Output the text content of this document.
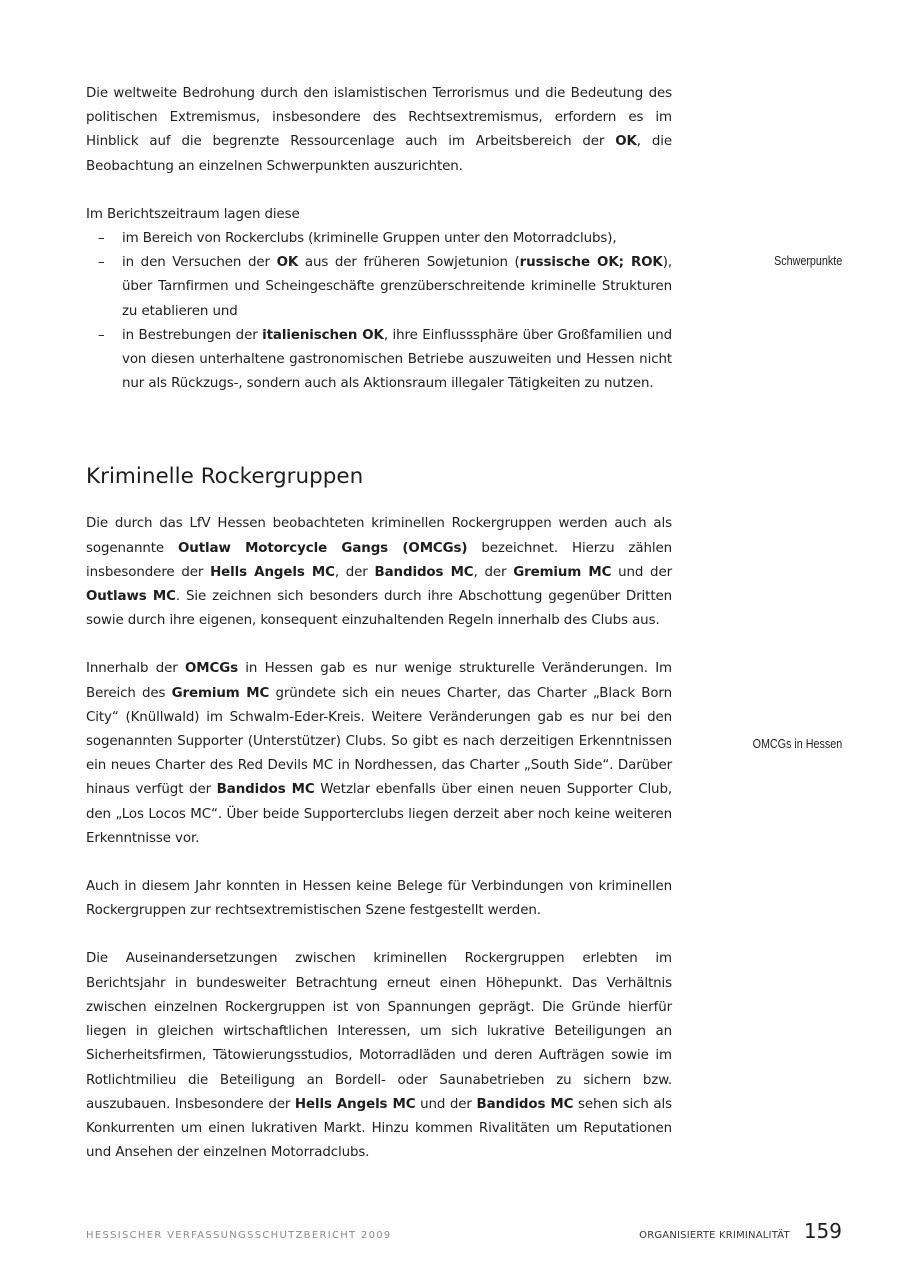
Die weltweite Bedrohung durch den islamistischen Terrorismus und die Bedeutung des politischen Extremismus, insbesondere des Rechtsextremismus, erfordern es im Hinblick auf die begrenzte Ressourcenlage auch im Arbeitsbereich der OK, die Beobachtung an einzelnen Schwerpunkten auszurichten.

Im Berichtszeitraum lagen diese

– im Bereich von Rockerclubs (kriminelle Gruppen unter den Motorradclubs),
– in den Versuchen der OK aus der früheren Sowjetunion (russische OK; ROK), über Tarnfirmen und Scheingeschäfte grenzüberschreitende kriminelle Strukturen zu etablieren und
– in Bestrebungen der italienischen OK, ihre Einflusssphäre über Großfamilien und von diesen unterhaltene gastronomischen Betriebe auszuweiten und Hessen nicht nur als Rückzugs-, sondern auch als Aktionsraum illegaler Tätigkeiten zu nutzen.
Kriminelle Rockergruppen

Die durch das LfV Hessen beobachteten kriminellen Rockergruppen werden auch als sogenannte Outlaw Motorcycle Gangs (OMCGs) bezeichnet. Hierzu zählen insbesondere der Hells Angels MC, der Bandidos MC, der Gremium MC und der Outlaws MC. Sie zeichnen sich besonders durch ihre Abschottung gegenüber Dritten sowie durch ihre eigenen, konsequent einzuhaltenden Regeln innerhalb des Clubs aus.

Innerhalb der OMCGs in Hessen gab es nur wenige strukturelle Veränderungen. Im Bereich des Gremium MC gründete sich ein neues Charter, das Charter „Black Born City“ (Knüllwald) im Schwalm-Eder-Kreis. Weitere Veränderungen gab es nur bei den sogenannten Supporter (Unterstützer) Clubs. So gibt es nach derzeitigen Erkenntnissen ein neues Charter des Red Devils MC in Nordhessen, das Charter „South Side“. Darüber hinaus verfügt der Bandidos MC Wetzlar ebenfalls über einen neuen Supporter Club, den „Los Locos MC“. Über beide Supporterclubs liegen derzeit aber noch keine weiteren Erkenntnisse vor.

Auch in diesem Jahr konnten in Hessen keine Belege für Verbindungen von kriminellen Rockergruppen zur rechtsextremistischen Szene festgestellt werden.

Die Auseinandersetzungen zwischen kriminellen Rockergruppen erlebten im Berichtsjahr in bundesweiter Betrachtung erneut einen Höhepunkt. Das Verhältnis zwischen einzelnen Rockergruppen ist von Spannungen geprägt. Die Gründe hierfür liegen in gleichen wirtschaftlichen Interessen, um sich lukrative Beteiligungen an Sicherheitsfirmen, Tätowierungsstudios, Motorradläden und deren Aufträgen sowie im Rotlichtmilieu die Beteiligung an Bordell- oder Saunabetrieben zu sichern bzw. auszubauen. Insbesondere der Hells Angels MC und der Bandidos MC sehen sich als Konkurrenten um einen lukrativen Markt. Hinzu kommen Rivalitäten um Reputationen und Ansehen der einzelnen Motorradclubs.

Schwerpunkte
OMCGs in Hessen
HESSISCHER VERFASSUNGSSCHUTZBERICHT 2009	ORGANISIERTE KRIMINALITÄT 159
